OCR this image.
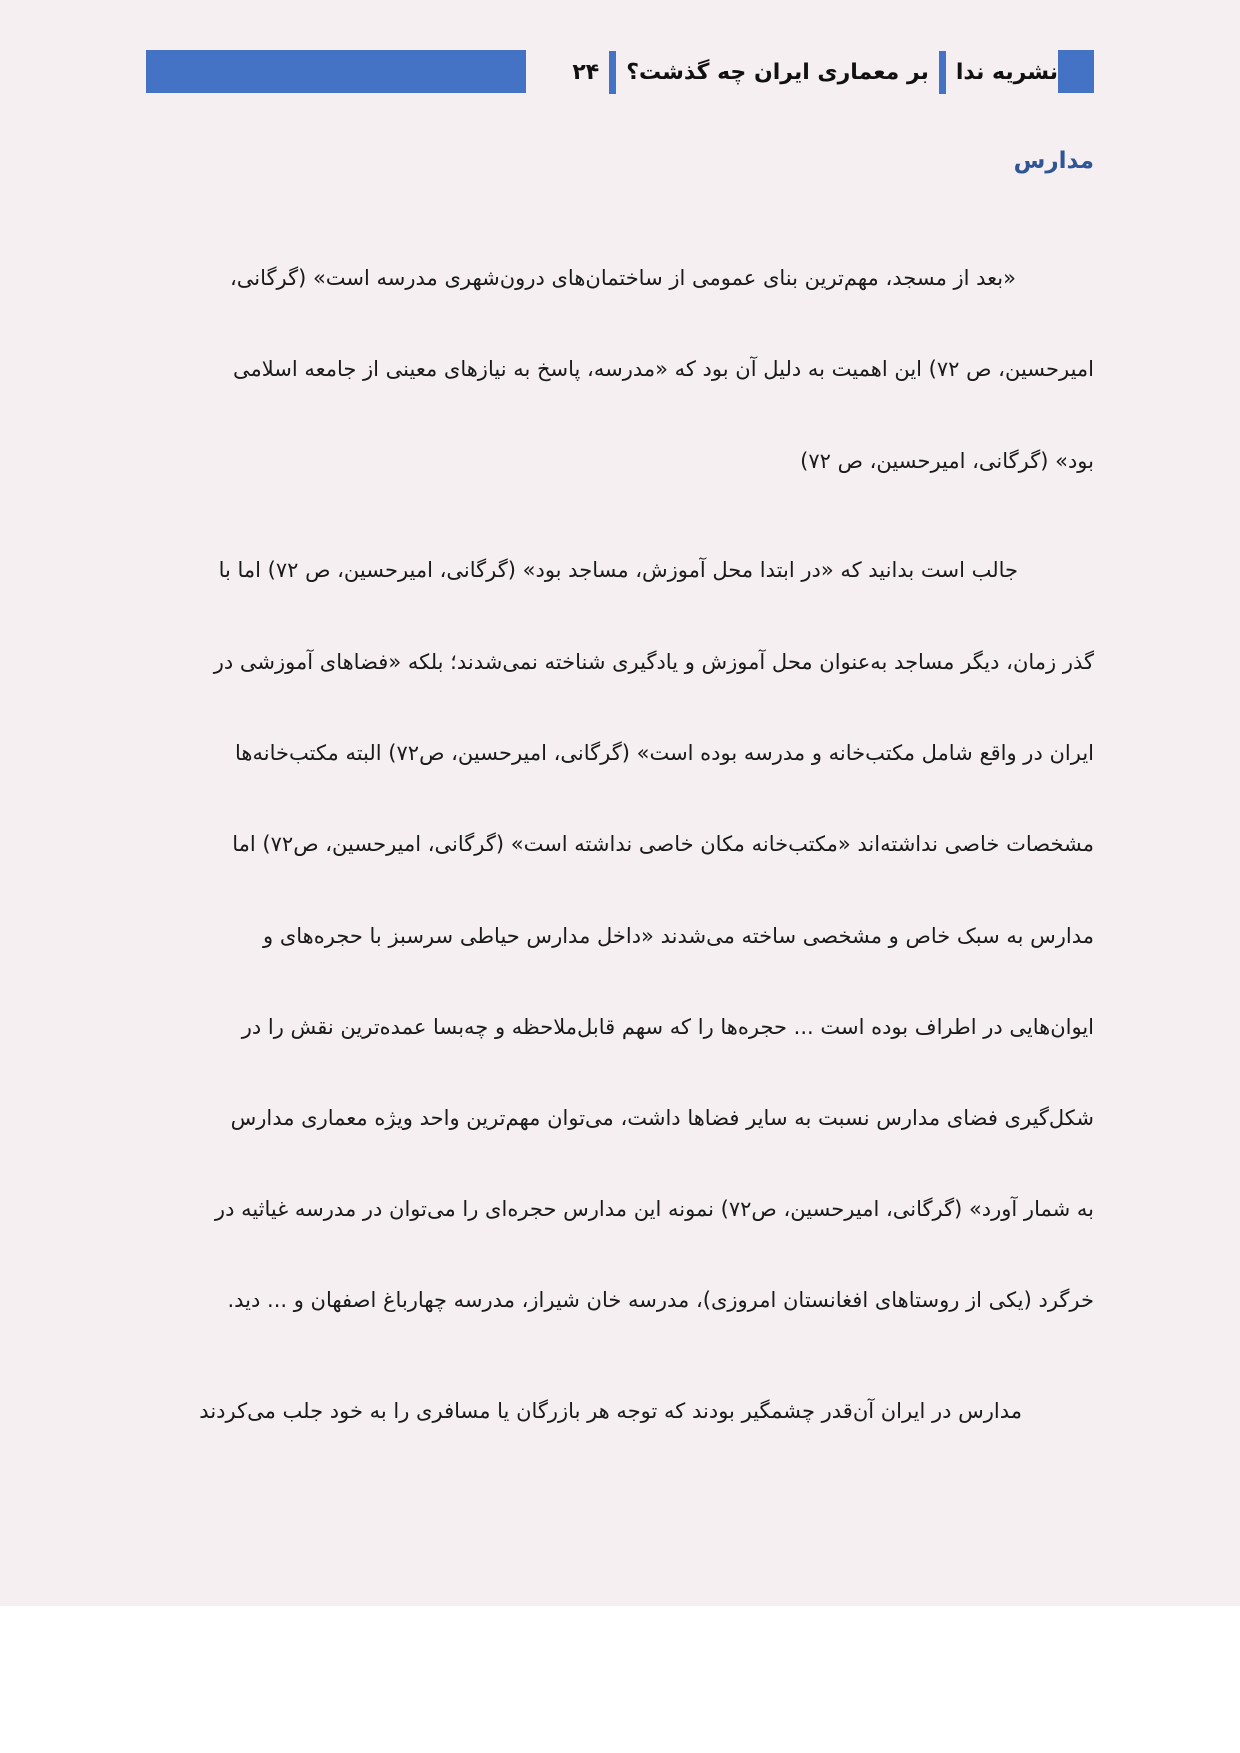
نشریه ندا
بر معماری ایران چه گذشت؟
۲۴
مدارس
«بعد از مسجد، مهم‌ترین بنای عمومی از ساختمان‌های درون‌شهری مدرسه است» (گرگانی،
امیرحسین، ص ۷۲) این اهمیت به دلیل آن بود که «مدرسه، پاسخ به نیازهای معینی از جامعه اسلامی
بود» (گرگانی، امیرحسین، ص ۷۲)
جالب است بدانید که «در ابتدا محل آموزش، مساجد بود» (گرگانی، امیرحسین، ص ۷۲) اما با
گذر زمان، دیگر مساجد به‌عنوان محل آموزش و یادگیری شناخته نمی‌شدند؛ بلکه «فضاهای آموزشی در
ایران در واقع شامل مکتب‌خانه و مدرسه بوده است» (گرگانی، امیرحسین، ص۷۲) البته مکتب‌خانه‌ها
مشخصات خاصی نداشته‌اند «مکتب‌خانه مکان خاصی نداشته است» (گرگانی، امیرحسین، ص۷۲) اما
مدارس به سبک خاص و مشخصی ساخته می‌شدند «داخل مدارس حیاطی سرسبز با حجره‌های و
ایوان‌هایی در اطراف بوده است ... حجره‌ها را که سهم قابل‌ملاحظه و چه‌بسا عمده‌ترین نقش را در
شکل‌گیری فضای مدارس نسبت به سایر فضاها داشت، می‌توان مهم‌ترین واحد ویژه معماری مدارس
به شمار آورد» (گرگانی، امیرحسین، ص۷۲) نمونه این مدارس حجره‌ای را می‌توان در مدرسه غیاثیه در
خرگرد (یکی از روستاهای افغانستان امروزی)، مدرسه خان شیراز، مدرسه چهارباغ اصفهان و ... دید.
مدارس در ایران آن‌قدر چشمگیر بودند که توجه هر بازرگان یا مسافری را به خود جلب می‌کردند
